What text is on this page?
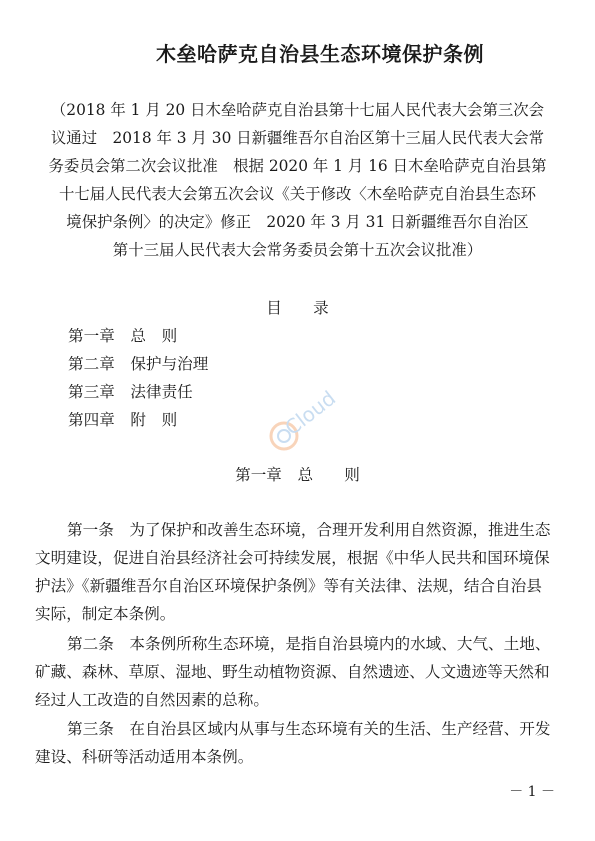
木垒哈萨克自治县生态环境保护条例
（2018 年 1 月 20 日木垒哈萨克自治县第十七届人民代表大会第三次会
议通过　2018 年 3 月 30 日新疆维吾尔自治区第十三届人民代表大会常
务委员会第二次会议批准　根据 2020 年 1 月 16 日木垒哈萨克自治县第
十七届人民代表大会第五次会议《关于修改〈木垒哈萨克自治县生态环
境保护条例〉的决定》修正　2020 年 3 月 31 日新疆维吾尔自治区
第十三届人民代表大会常务委员会第十五次会议批准）
目　　录
第一章　总　则
第二章　保护与治理
第三章　法律责任
第四章　附　则	Cloud
第一章　总　　则
第一条　为了保护和改善生态环境，合理开发利用自然资源，推进生态
文明建设，促进自治县经济社会可持续发展，根据《中华人民共和国环境保
护法》《新疆维吾尔自治区环境保护条例》等有关法律、法规，结合自治县
实际，制定本条例。
第二条　本条例所称生态环境，是指自治县境内的水域、大气、土地、
矿藏、森林、草原、湿地、野生动植物资源、自然遗迹、人文遗迹等天然和
经过人工改造的自然因素的总称。
第三条　在自治县区域内从事与生态环境有关的生活、生产经营、开发
建设、科研等活动适用本条例。
－ 1 －
